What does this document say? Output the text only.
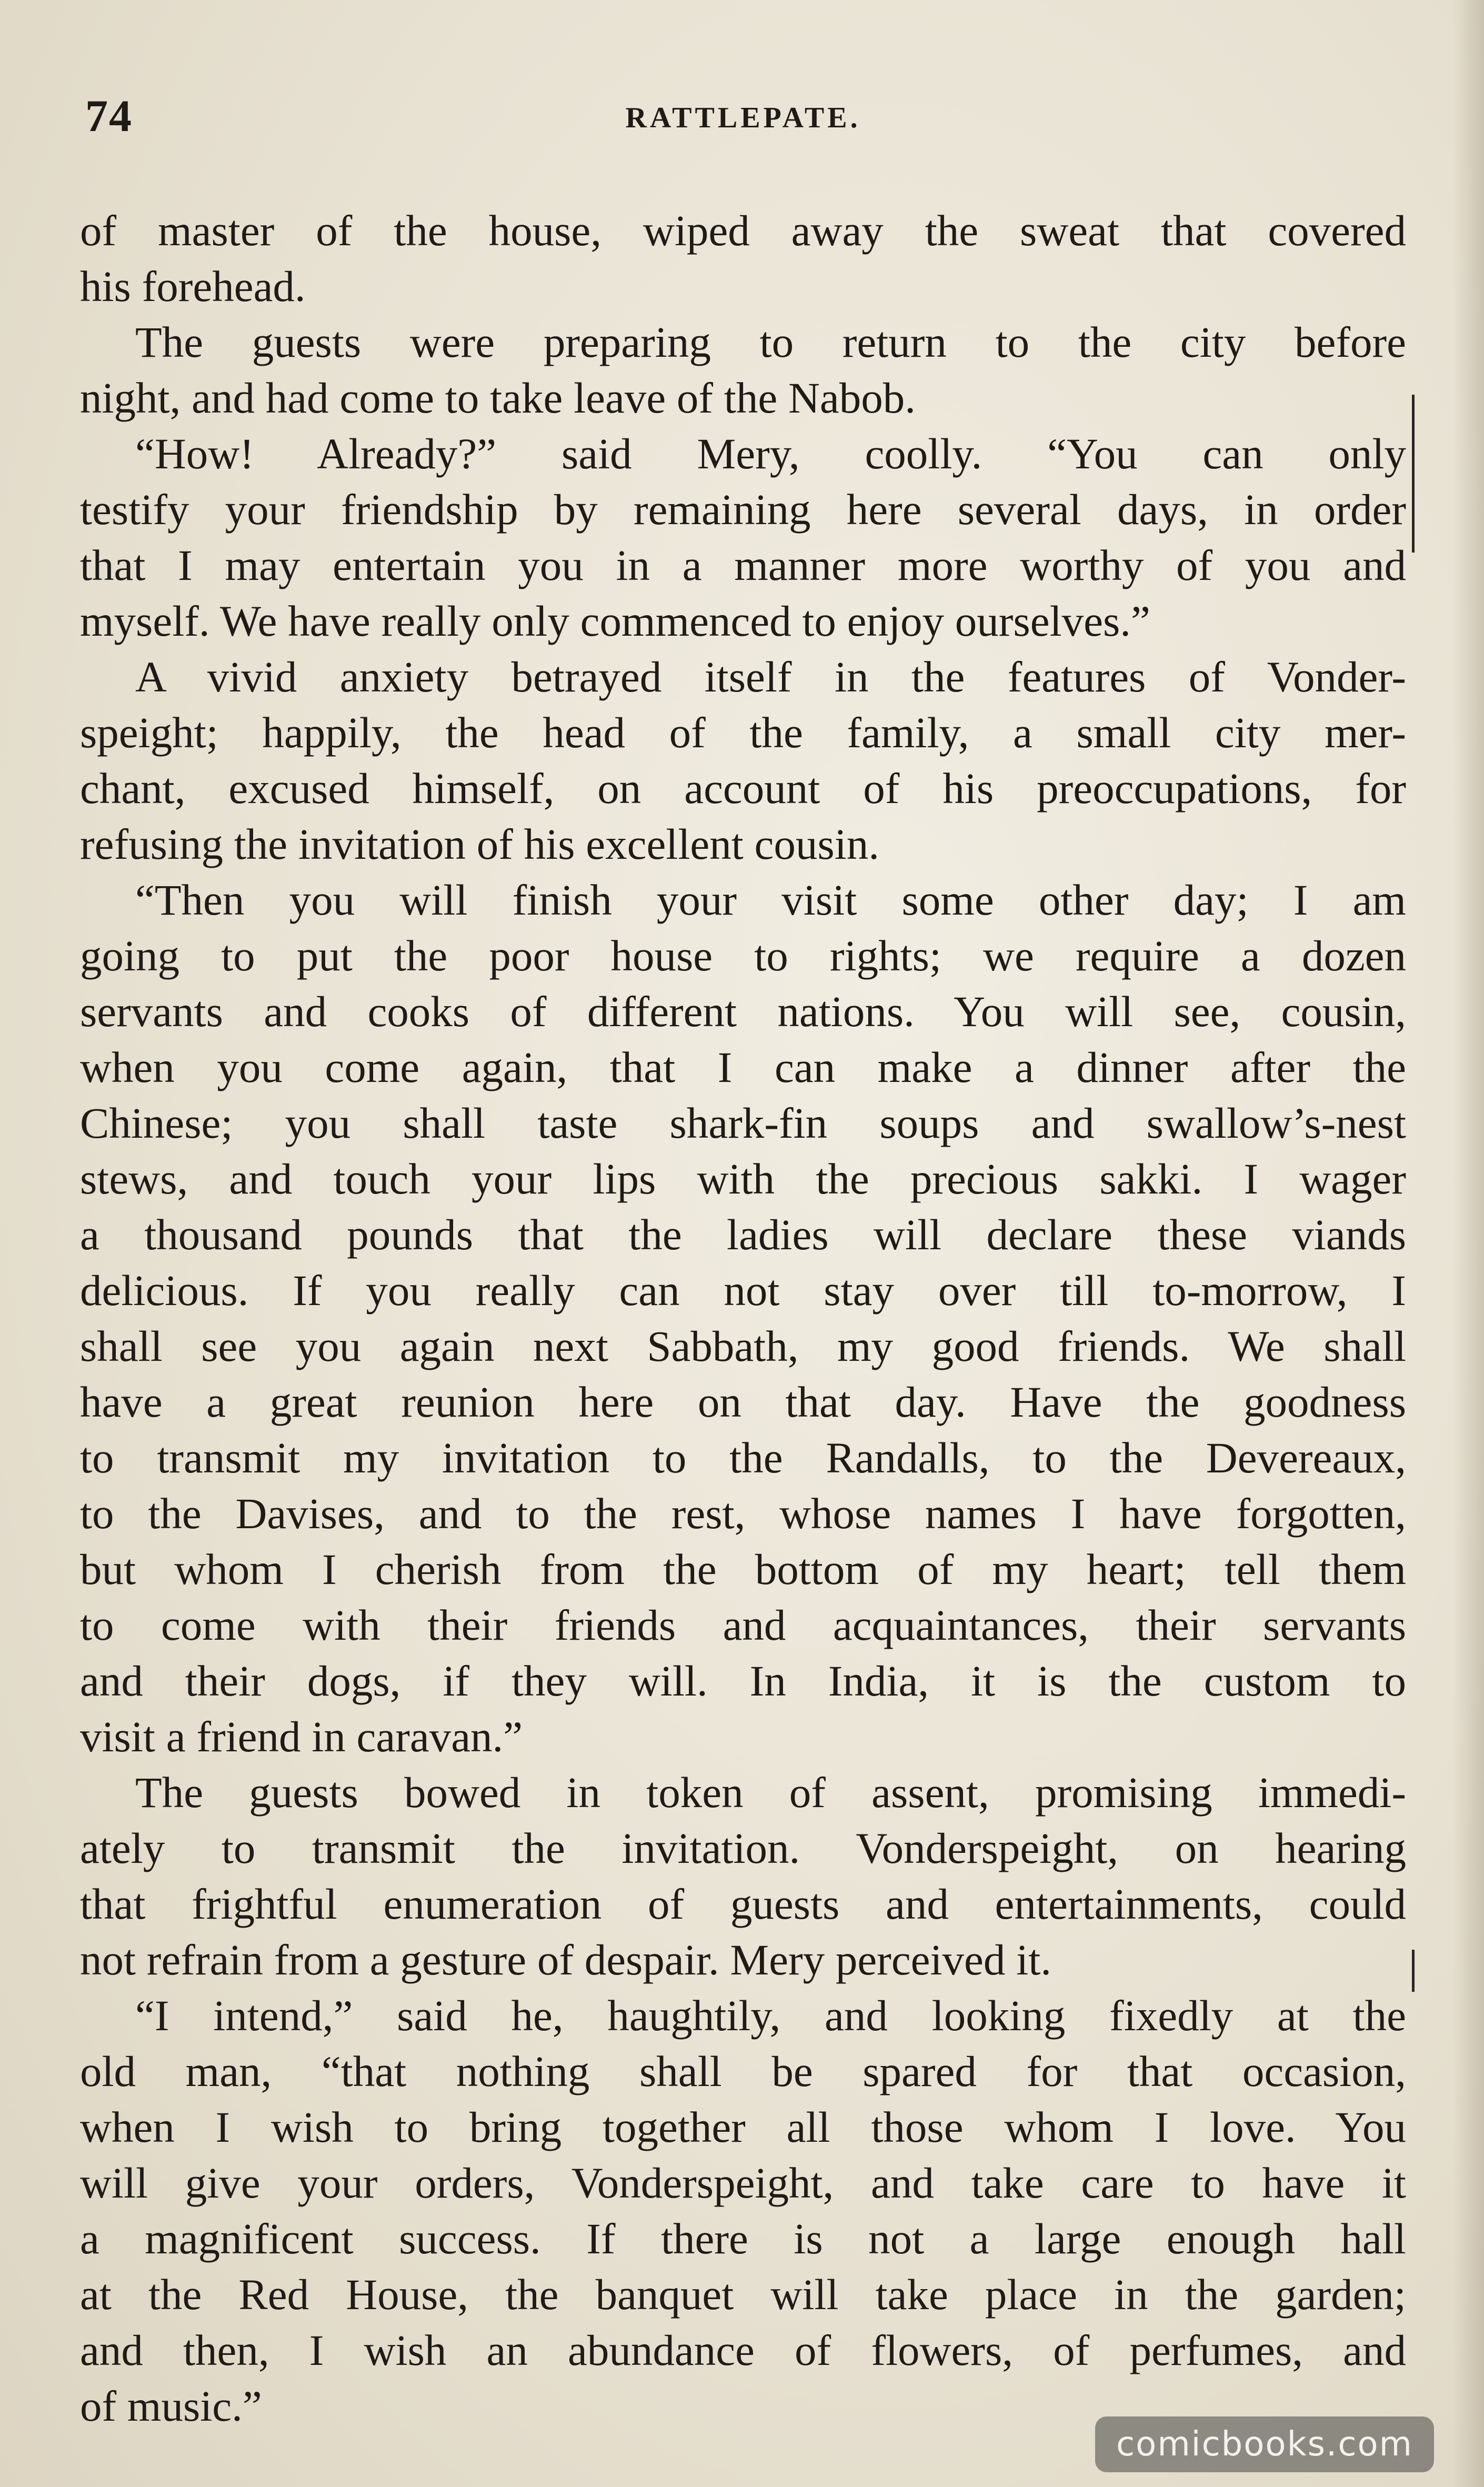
74	RATTLEPATE.
of master of the house, wiped away the sweat that covered
his forehead.
The guests were preparing to return to the city before
night, and had come to take leave of the Nabob.
“How! Already?” said Mery, coolly. “You can only
testify your friendship by remaining here several days, in order
that I may entertain you in a manner more worthy of you and
myself. We have really only commenced to enjoy ourselves.”
A vivid anxiety betrayed itself in the features of Vonder-
speight; happily, the head of the family, a small city mer-
chant, excused himself, on account of his preoccupations, for
refusing the invitation of his excellent cousin.
“Then you will finish your visit some other day; I am
going to put the poor house to rights; we require a dozen
servants and cooks of different nations. You will see, cousin,
when you come again, that I can make a dinner after the
Chinese; you shall taste shark-fin soups and swallow’s-nest
stews, and touch your lips with the precious sakki. I wager
a thousand pounds that the ladies will declare these viands
delicious. If you really can not stay over till to-morrow, I
shall see you again next Sabbath, my good friends. We shall
have a great reunion here on that day. Have the goodness
to transmit my invitation to the Randalls, to the Devereaux,
to the Davises, and to the rest, whose names I have forgotten,
but whom I cherish from the bottom of my heart; tell them
to come with their friends and acquaintances, their servants
and their dogs, if they will. In India, it is the custom to
visit a friend in caravan.”
The guests bowed in token of assent, promising immedi-
ately to transmit the invitation. Vonderspeight, on hearing
that frightful enumeration of guests and entertainments, could
not refrain from a gesture of despair. Mery perceived it.
“I intend,” said he, haughtily, and looking fixedly at the
old man, “that nothing shall be spared for that occasion,
when I wish to bring together all those whom I love. You
will give your orders, Vonderspeight, and take care to have it
a magnificent success. If there is not a large enough hall
at the Red House, the banquet will take place in the garden;
and then, I wish an abundance of flowers, of perfumes, and
of music.”
comicbooks.com
